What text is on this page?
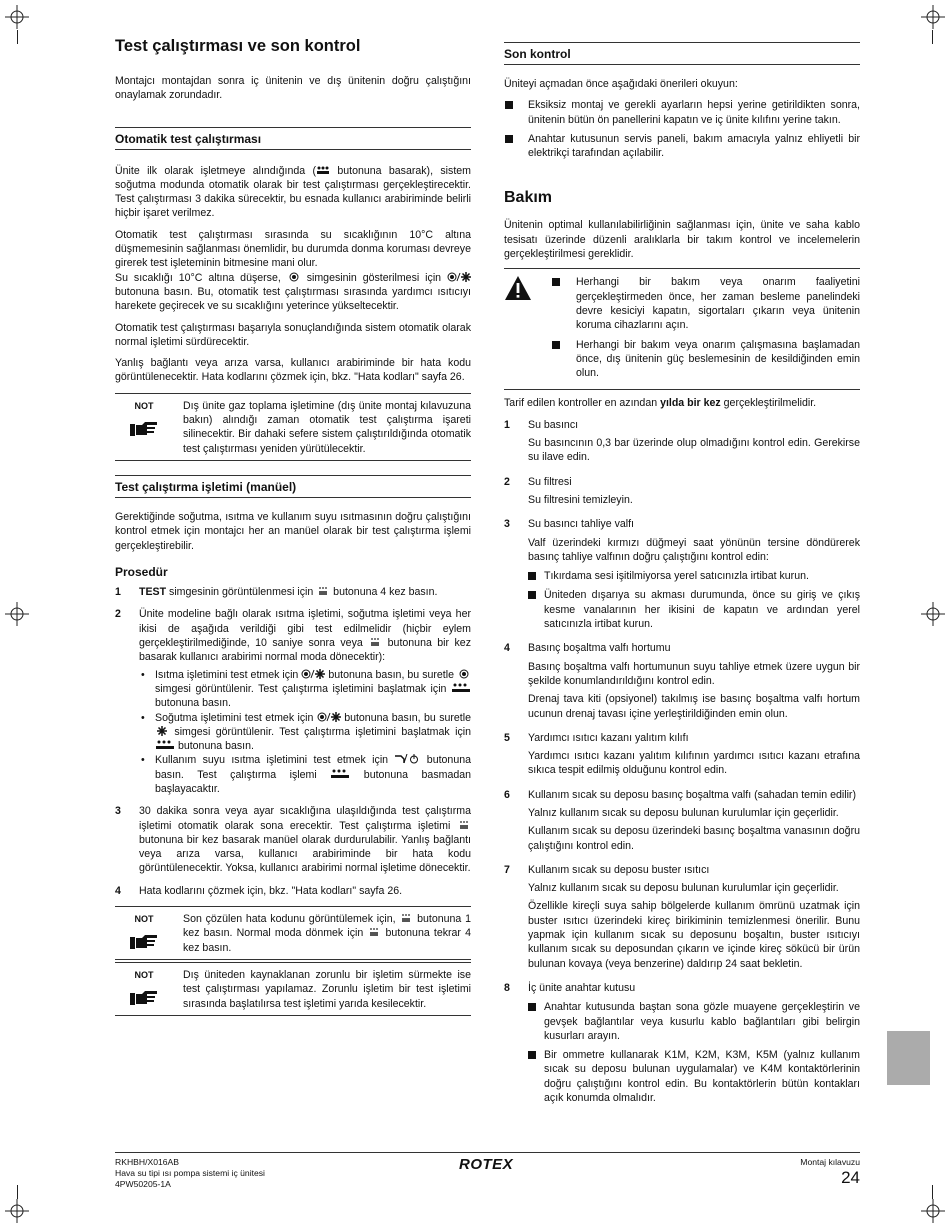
Test çalıştırması ve son kontrol

Montajcı montajdan sonra iç ünitenin ve dış ünitenin doğru çalıştığını onaylamak zorundadır.

Otomatik test çalıştırması

Ünite ilk olarak işletmeye alındığında ( butonuna basarak), sistem soğutma modunda otomatik olarak bir test çalıştırması gerçekleştirecektir. Test çalıştırması 3 dakika sürecektir, bu esnada kullanıcı arabiriminde belirli hiçbir işaret verilmez.

Otomatik test çalıştırması sırasında su sıcaklığının 10°C altına düşmemesinin sağlanması önemlidir, bu durumda donma koruması devreye girerek test işleteminin bitmesine mani olur.

Su sıcaklığı 10°C altına düşerse,  simgesinin gösterilmesi için  butonuna basın. Bu, otomatik test çalıştırması sırasında yardımcı ısıtıcıyı harekete geçirecek ve su sıcaklığını yeterince yükseltecektir.

Otomatik test çalıştırması başarıyla sonuçlandığında sistem otomatik olarak normal işletimi sürdürecektir.

Yanlış bağlantı veya arıza varsa, kullanıcı arabiriminde bir hata kodu görüntülenecektir. Hata kodlarını çözmek için, bkz. "Hata kodları" sayfa 26.

NOT	Dış ünite gaz toplama işletimine (dış ünite montaj kılavuzuna bakın) alındığı zaman otomatik test çalıştırma işareti silinecektir. Bir dahaki sefere sistem çalıştırıldığında otomatik test çalıştırması yeniden yürütülecektir.
Test çalıştırma işletimi (manüel)

Gerektiğinde soğutma, ısıtma ve kullanım suyu ısıtmasının doğru çalıştığını kontrol etmek için montajcı her an manüel olarak bir test çalıştırma işlemi gerçekleştirebilir.

Prosedür
1 TEST simgesinin görüntülenmesi için  butonuna 4 kez basın.
2 Ünite modeline bağlı olarak ısıtma işletimi, soğutma işletimi veya her ikisi de aşağıda verildiği gibi test edilmelidir (hiçbir eylem gerçekleştirilmediğinde, 10 saniye sonra veya  butonuna bir kez basarak kullanıcı arabirimi normal moda dönecektir):
• Isıtma işletimini test etmek için  butonuna basın, bu suretle  simgesi görüntülenir. Test çalıştırma işletimini başlatmak için  butonuna basın.
• Soğutma işletimini test etmek için  butonuna basın, bu suretle  simgesi görüntülenir. Test çalıştırma işletimini başlatmak için  butonuna basın.
• Kullanım suyu ısıtma işletimini test etmek için  butonuna basın. Test çalıştırma işlemi  butonuna basmadan başlayacaktır.
3 30 dakika sonra veya ayar sıcaklığına ulaşıldığında test çalıştırma işletimi otomatik olarak sona erecektir. Test çalıştırma işletimi  butonuna bir kez basarak manüel olarak durdurulabilir. Yanlış bağlantı veya arıza varsa, kullanıcı arabiriminde bir hata kodu görüntülenecektir. Yoksa, kullanıcı arabirimi normal işletime dönecektir.
4 Hata kodlarını çözmek için, bkz. "Hata kodları" sayfa 26.
NOT	Son çözülen hata kodunu görüntülemek için,  butonuna 1 kez basın. Normal moda dönmek için  butonuna tekrar 4 kez basın.
NOT	Dış üniteden kaynaklanan zorunlu bir işletim sürmekte ise test çalıştırması yapılamaz. Zorunlu işletim bir test işletimi sırasında başlatılırsa test işletimi yarıda kesilecektir.
Son kontrol

Üniteyi açmadan önce aşağıdaki önerileri okuyun:

Eksiksiz montaj ve gerekli ayarların hepsi yerine getirildikten sonra, ünitenin bütün ön panellerini kapatın ve iç ünite kılıfını yerine takın.
Anahtar kutusunun servis paneli, bakım amacıyla yalnız ehliyetli bir elektrikçi tarafından açılabilir.
Bakım

Ünitenin optimal kullanılabilirliğinin sağlanması için, ünite ve saha kablo tesisatı üzerinde düzenli aralıklarla bir takım kontrol ve incelemelerin gerçekleştirilmesi gereklidir.

Herhangi bir bakım veya onarım faaliyetini gerçekleştirmeden önce, her zaman besleme panelindeki devre kesiciyi kapatın, sigortaları çıkarın veya ünitenin koruma cihazlarını açın.
Herhangi bir bakım veya onarım çalışmasına başlamadan önce, dış ünitenin güç beslemesinin de kesildiğinden emin olun.

Tarif edilen kontroller en azından yılda bir kez gerçekleştirilmelidir.

1 Su basıncı
Su basıncının 0,3 bar üzerinde olup olmadığını kontrol edin. Gerekirse su ilave edin.
2 Su filtresi
Su filtresini temizleyin.
3 Su basıncı tahliye valfı
Valf üzerindeki kırmızı düğmeyi saat yönünün tersine döndürerek basınç tahliye valfının doğru çalıştığını kontrol edin:
Tıkırdama sesi işitilmiyorsa yerel satıcınızla irtibat kurun.
Üniteden dışarıya su akması durumunda, önce su giriş ve çıkış kesme vanalarının her ikisini de kapatın ve ardından yerel satıcınızla irtibat kurun.
4 Basınç boşaltma valfı hortumu
Basınç boşaltma valfı hortumunun suyu tahliye etmek üzere uygun bir şekilde konumlandırıldığını kontrol edin.
Drenaj tava kiti (opsiyonel) takılmış ise basınç boşaltma valfı hortum ucunun drenaj tavası içine yerleştirildiğinden emin olun.
5 Yardımcı ısıtıcı kazanı yalıtım kılıfı
Yardımcı ısıtıcı kazanı yalıtım kılıfının yardımcı ısıtıcı kazanı etrafına sıkıca tespit edilmiş olduğunu kontrol edin.
6 Kullanım sıcak su deposu basınç boşaltma valfı (sahadan temin edilir)
Yalnız kullanım sıcak su deposu bulunan kurulumlar için geçerlidir.
Kullanım sıcak su deposu üzerindeki basınç boşaltma vanasının doğru çalıştığını kontrol edin.
7 Kullanım sıcak su deposu buster ısıtıcı
Yalnız kullanım sıcak su deposu bulunan kurulumlar için geçerlidir.
Özellikle kireçli suya sahip bölgelerde kullanım ömrünü uzatmak için buster ısıtıcı üzerindeki kireç birikiminin temizlenmesi önerilir. Bunu yapmak için kullanım sıcak su deposunu boşaltın, buster ısıtıcıyı kullanım sıcak su deposundan çıkarın ve içinde kireç sökücü bir ürün bulunan kovaya (veya benzerine) daldırıp 24 saat bekletin.
8 İç ünite anahtar kutusu
Anahtar kutusunda baştan sona gözle muayene gerçekleştirin ve gevşek bağlantılar veya kusurlu kablo bağlantıları gibi belirgin kusurları arayın.
Bir ommetre kullanarak K1M, K2M, K3M, K5M (yalnız kullanım sıcak su deposu bulunan uygulamalar) ve K4M kontaktörlerinin doğru çalıştığını kontrol edin. Bu kontaktörlerin bütün kontakları açık konumda olmalıdır.
RKHBH/X016AB
Hava su tipi ısı pompa sistemi iç ünitesi
4PW50205-1A
ROTEX	Montaj kılavuzu
24
